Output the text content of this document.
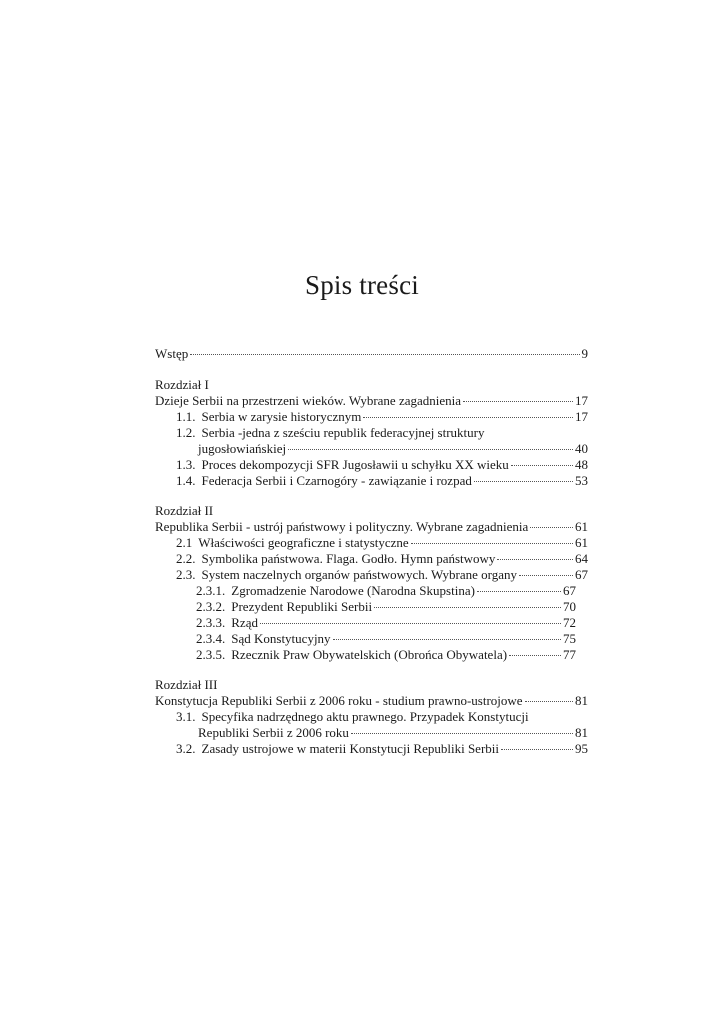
Spis treści
Wstęp	9
Rozdział I
Dzieje Serbii na przestrzeni wieków. Wybrane zagadnienia	17
1.1. Serbia w zarysie historycznym	17
1.2. Serbia -jedna z sześciu republik federacyjnej struktury
jugosłowiańskiej	40
1.3. Proces dekompozycji SFR Jugosławii u schyłku XX wieku	48
1.4. Federacja Serbii i Czarnogóry - zawiązanie i rozpad	53
Rozdział II
Republika Serbii - ustrój państwowy i polityczny. Wybrane zagadnienia	61
2.1 Właściwości geograficzne i statystyczne	61
2.2. Symbolika państwowa. Flaga. Godło. Hymn państwowy	64
2.3. System naczelnych organów państwowych. Wybrane organy	67
2.3.1. Zgromadzenie Narodowe (Narodna Skupstina)	67
2.3.2. Prezydent Republiki Serbii	70
2.3.3. Rząd	72
2.3.4. Sąd Konstytucyjny	75
2.3.5. Rzecznik Praw Obywatelskich (Obrońca Obywatela)	77
Rozdział III
Konstytucja Republiki Serbii z 2006 roku - studium prawno-ustrojowe	81
3.1. Specyfika nadrzędnego aktu prawnego. Przypadek Konstytucji
Republiki Serbii z 2006 roku	81
3.2. Zasady ustrojowe w materii Konstytucji Republiki Serbii	95
